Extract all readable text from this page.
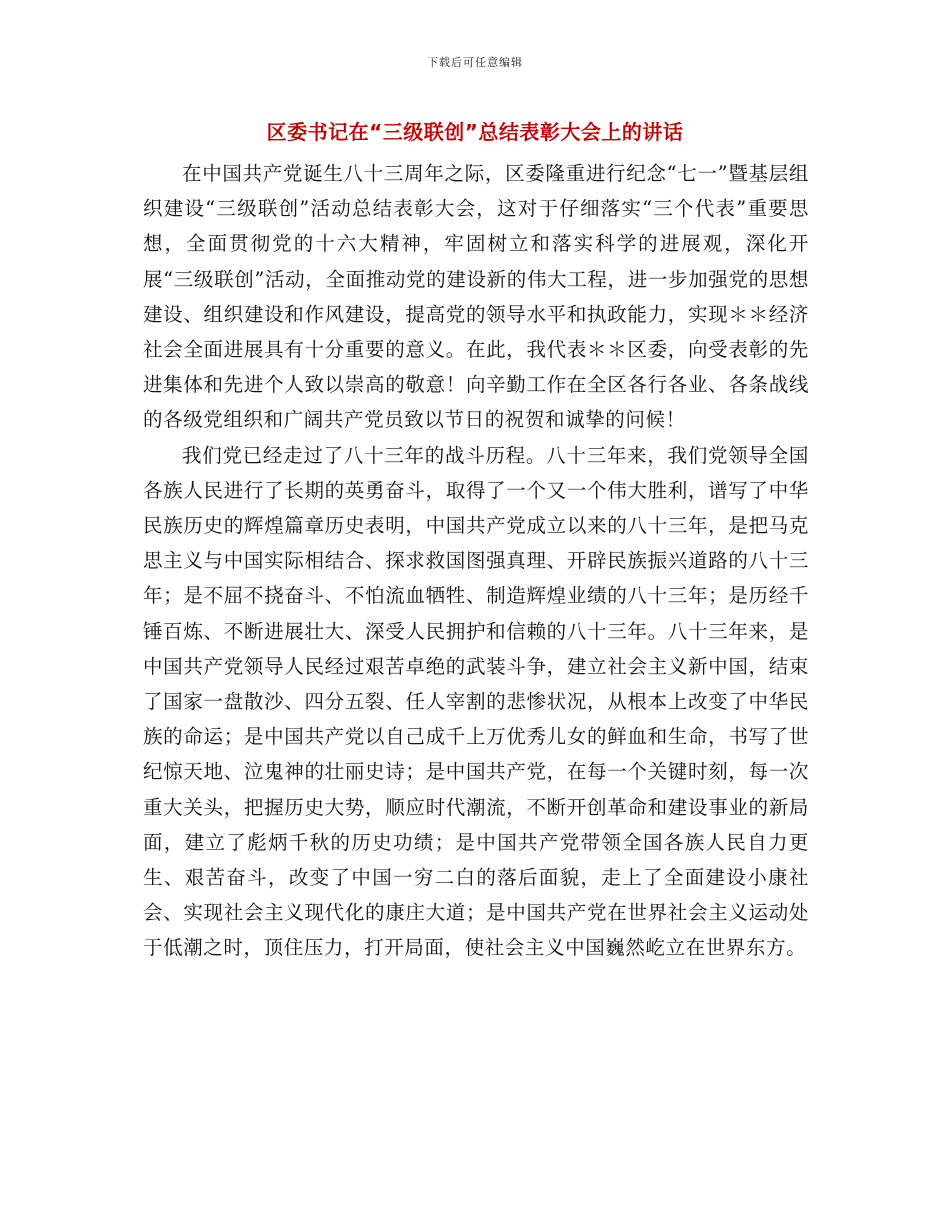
下载后可任意编辑
区委书记在“三级联创”总结表彰大会上的讲话

在中国共产党诞生八十三周年之际，区委隆重进行纪念“七一”暨基层组织建设“三级联创”活动总结表彰大会，这对于仔细落实“三个代表”重要思想，全面贯彻党的十六大精神，牢固树立和落实科学的进展观，深化开展“三级联创”活动，全面推动党的建设新的伟大工程，进一步加强党的思想建设、组织建设和作风建设，提高党的领导水平和执政能力，实现＊＊经济社会全面进展具有十分重要的意义。在此，我代表＊＊区委，向受表彰的先进集体和先进个人致以崇高的敬意！向辛勤工作在全区各行各业、各条战线的各级党组织和广阔共产党员致以节日的祝贺和诚挚的问候！

我们党已经走过了八十三年的战斗历程。八十三年来，我们党领导全国各族人民进行了长期的英勇奋斗，取得了一个又一个伟大胜利，谱写了中华民族历史的辉煌篇章历史表明，中国共产党成立以来的八十三年，是把马克思主义与中国实际相结合、探求救国图强真理、开辟民族振兴道路的八十三年；是不屈不挠奋斗、不怕流血牺牲、制造辉煌业绩的八十三年；是历经千锤百炼、不断进展壮大、深受人民拥护和信赖的八十三年。八十三年来，是中国共产党领导人民经过艰苦卓绝的武装斗争，建立社会主义新中国，结束了国家一盘散沙、四分五裂、任人宰割的悲惨状况，从根本上改变了中华民族的命运；是中国共产党以自己成千上万优秀儿女的鲜血和生命，书写了世纪惊天地、泣鬼神的壮丽史诗；是中国共产党，在每一个关键时刻，每一次重大关头，把握历史大势，顺应时代潮流，不断开创革命和建设事业的新局面，建立了彪炳千秋的历史功绩；是中国共产党带领全国各族人民自力更生、艰苦奋斗，改变了中国一穷二白的落后面貌，走上了全面建设小康社会、实现社会主义现代化的康庄大道；是中国共产党在世界社会主义运动处于低潮之时，顶住压力，打开局面，使社会主义中国巍然屹立在世界东方。
